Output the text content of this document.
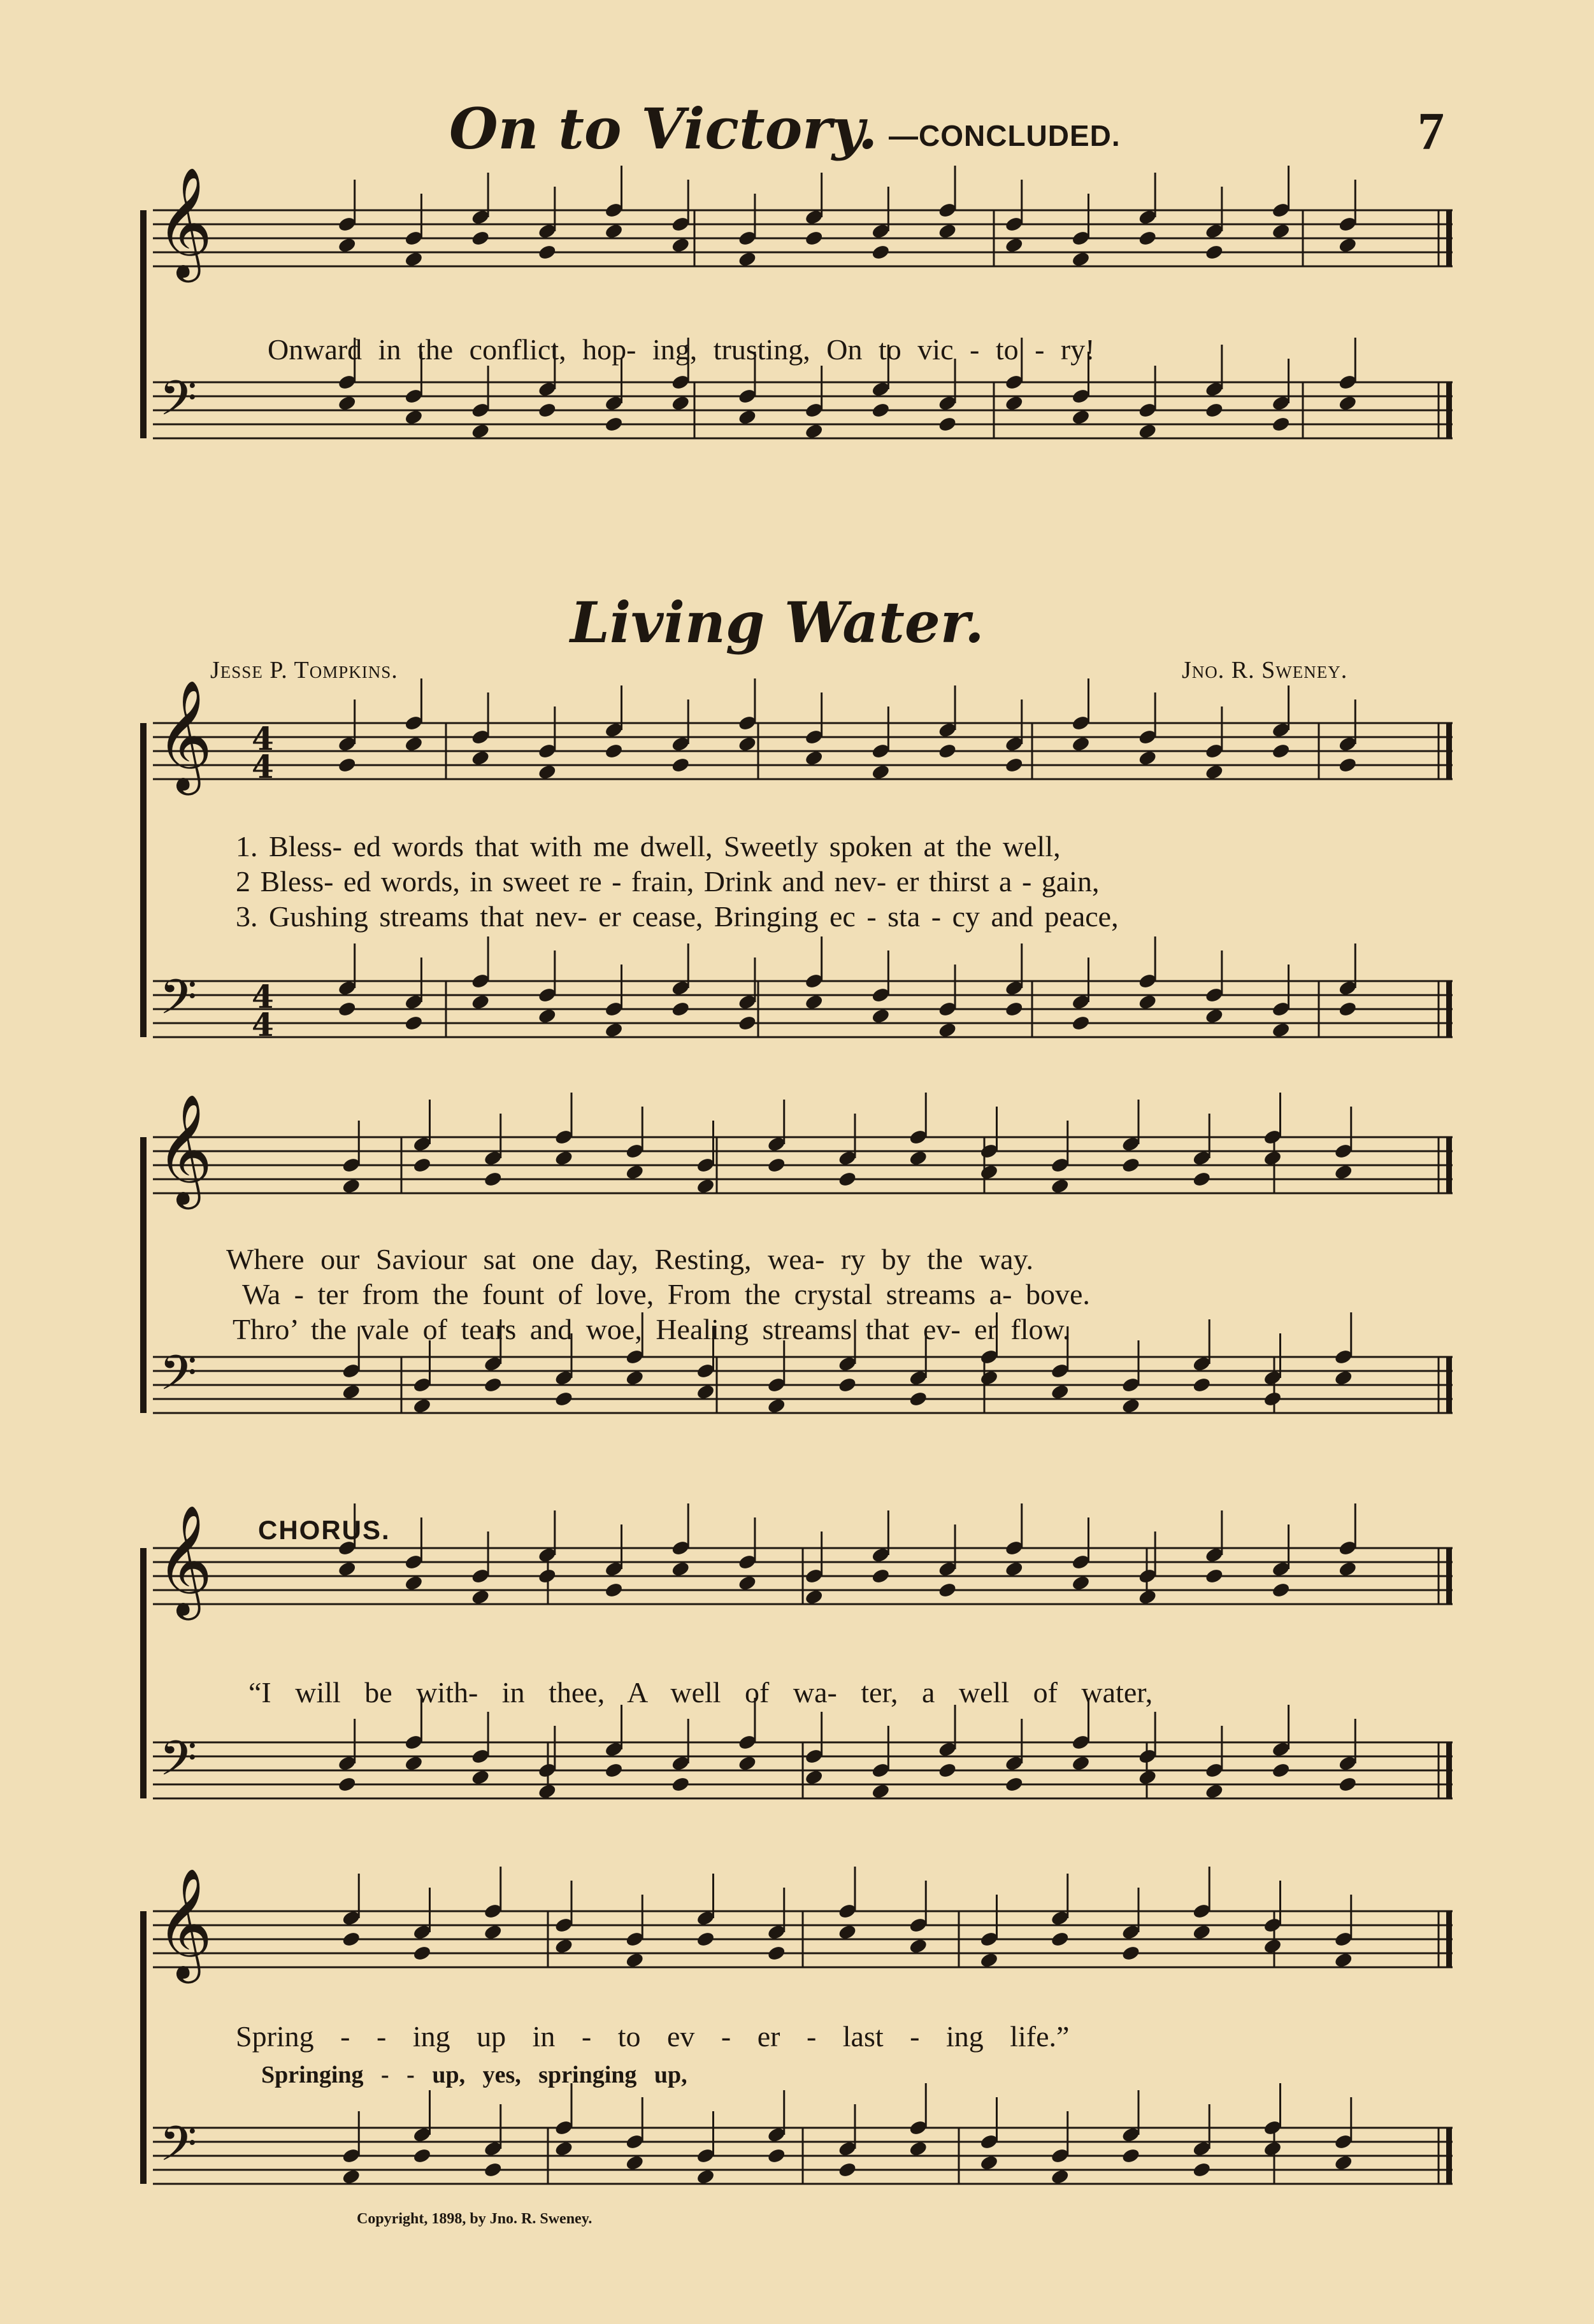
On to Victory. —CONCLUDED.	7
𝄞
𝄢
𝄞
𝄢
𝄞
𝄢
𝄞
𝄢
𝄞
𝄢
4
4
4
4
Onward in the conflict, hop- ing, trusting, On to vic - to - ry!
Living Water.
Jesse P. Tompkins.	Jno. R. Sweney.
1. Bless- ed words that with me dwell, Sweetly spoken at the well,
2 Bless- ed words, in sweet re - frain, Drink and nev- er thirst a - gain,
3. Gushing streams that nev- er cease, Bringing ec - sta - cy and peace,
Where our Saviour sat one day, Resting, wea- ry by the way.
Wa - ter from the fount of love, From the crystal streams a- bove.
Thro’ the vale of tears and woe, Healing streams that ev- er flow.
CHORUS.
“I will be with- in thee, A well of wa- ter, a well of water,
Spring - - ing up in - to ev - er - last - ing life.”
Springing - - up, yes, springing up,
Copyright, 1898, by Jno. R. Sweney.
